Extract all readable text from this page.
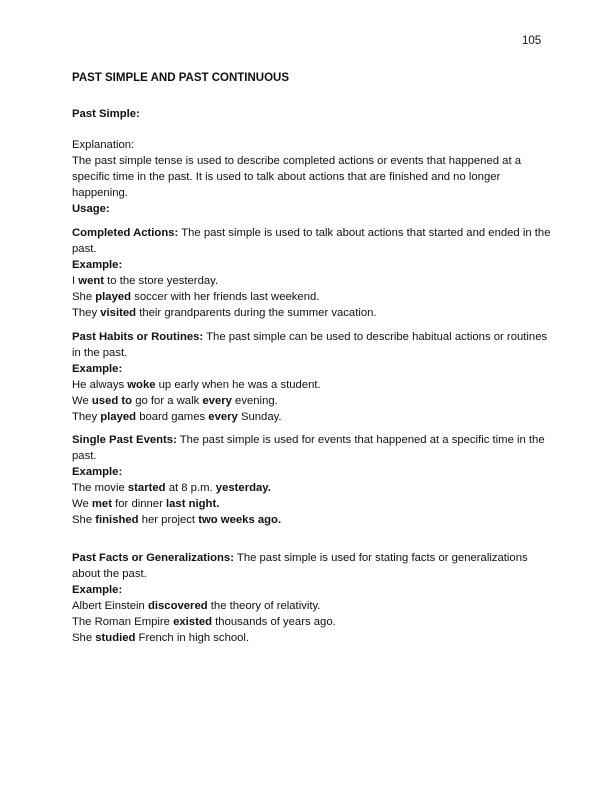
105
PAST SIMPLE AND PAST CONTINUOUS
Past Simple:
Explanation:
The past simple tense is used to describe completed actions or events that happened at a
specific time in the past. It is used to talk about actions that are finished and no longer
happening.
Usage:
Completed Actions: The past simple is used to talk about actions that started and ended in the
past.
Example:
I went to the store yesterday.
She played soccer with her friends last weekend.
They visited their grandparents during the summer vacation.
Past Habits or Routines: The past simple can be used to describe habitual actions or routines
in the past.
Example:
He always woke up early when he was a student.
We used to go for a walk every evening.
They played board games every Sunday.
Single Past Events: The past simple is used for events that happened at a specific time in the
past.
Example:
The movie started at 8 p.m. yesterday.
We met for dinner last night.
She finished her project two weeks ago.
Past Facts or Generalizations: The past simple is used for stating facts or generalizations
about the past.
Example:
Albert Einstein discovered the theory of relativity.
The Roman Empire existed thousands of years ago.
She studied French in high school.
